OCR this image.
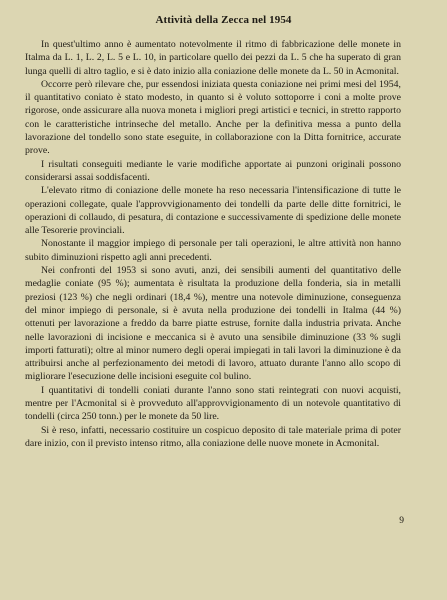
Attività della Zecca nel 1954

In quest'ultimo anno è aumentato notevolmente il ritmo di fabbricazione delle monete in Italma da L. 1, L. 2, L. 5 e L. 10, in particolare quello dei pezzi da L. 5 che ha superato di gran lunga quelli di altro taglio, e si è dato inizio alla coniazione delle monete da L. 50 in Acmonital.

Occorre però rilevare che, pur essendosi iniziata questa coniazione nei primi mesi del 1954, il quantitativo coniato è stato modesto, in quanto si è voluto sottoporre i coni a molte prove rigorose, onde assicurare alla nuova moneta i migliori pregi artistici e tecnici, in stretto rapporto con le caratteristiche intrinseche del metallo. Anche per la definitiva messa a punto della lavorazione del tondello sono state eseguite, in collaborazione con la Ditta fornitrice, accurate prove.

I risultati conseguiti mediante le varie modifiche apportate ai punzoni originali possono considerarsi assai soddisfacenti.

L'elevato ritmo di coniazione delle monete ha reso necessaria l'intensificazione di tutte le operazioni collegate, quale l'approvvigionamento dei tondelli da parte delle ditte fornitrici, le operazioni di collaudo, di pesatura, di contazione e successivamente di spedizione delle monete alle Tesorerie provinciali.

Nonostante il maggior impiego di personale per tali operazioni, le altre attività non hanno subito diminuzioni rispetto agli anni precedenti.

Nei confronti del 1953 si sono avuti, anzi, dei sensibili aumenti del quantitativo delle medaglie coniate (95 %); aumentata è risultata la produzione della fonderia, sia in metalli preziosi (123 %) che negli ordinari (18,4 %), mentre una notevole diminuzione, conseguenza del minor impiego di personale, si è avuta nella produzione dei tondelli in Italma (44 %) ottenuti per lavorazione a freddo da barre piatte estruse, fornite dalla industria privata. Anche nelle lavorazioni di incisione e meccanica si è avuto una sensibile diminuzione (33 % sugli importi fatturati); oltre al minor numero degli operai impiegati in tali lavori la diminuzione è da attribuirsi anche al perfezionamento dei metodi di lavoro, attuato durante l'anno allo scopo di migliorare l'esecuzione delle incisioni eseguite col bulino.

I quantitativi di tondelli coniati durante l'anno sono stati reintegrati con nuovi acquisti, mentre per l'Acmonital si è provveduto all'approvvigionamento di un notevole quantitativo di tondelli (circa 250 tonn.) per le monete da 50 lire.

Si è reso, infatti, necessario costituire un cospicuo deposito di tale materiale prima di poter dare inizio, con il previsto intenso ritmo, alla coniazione delle nuove monete in Acmonital.

9
